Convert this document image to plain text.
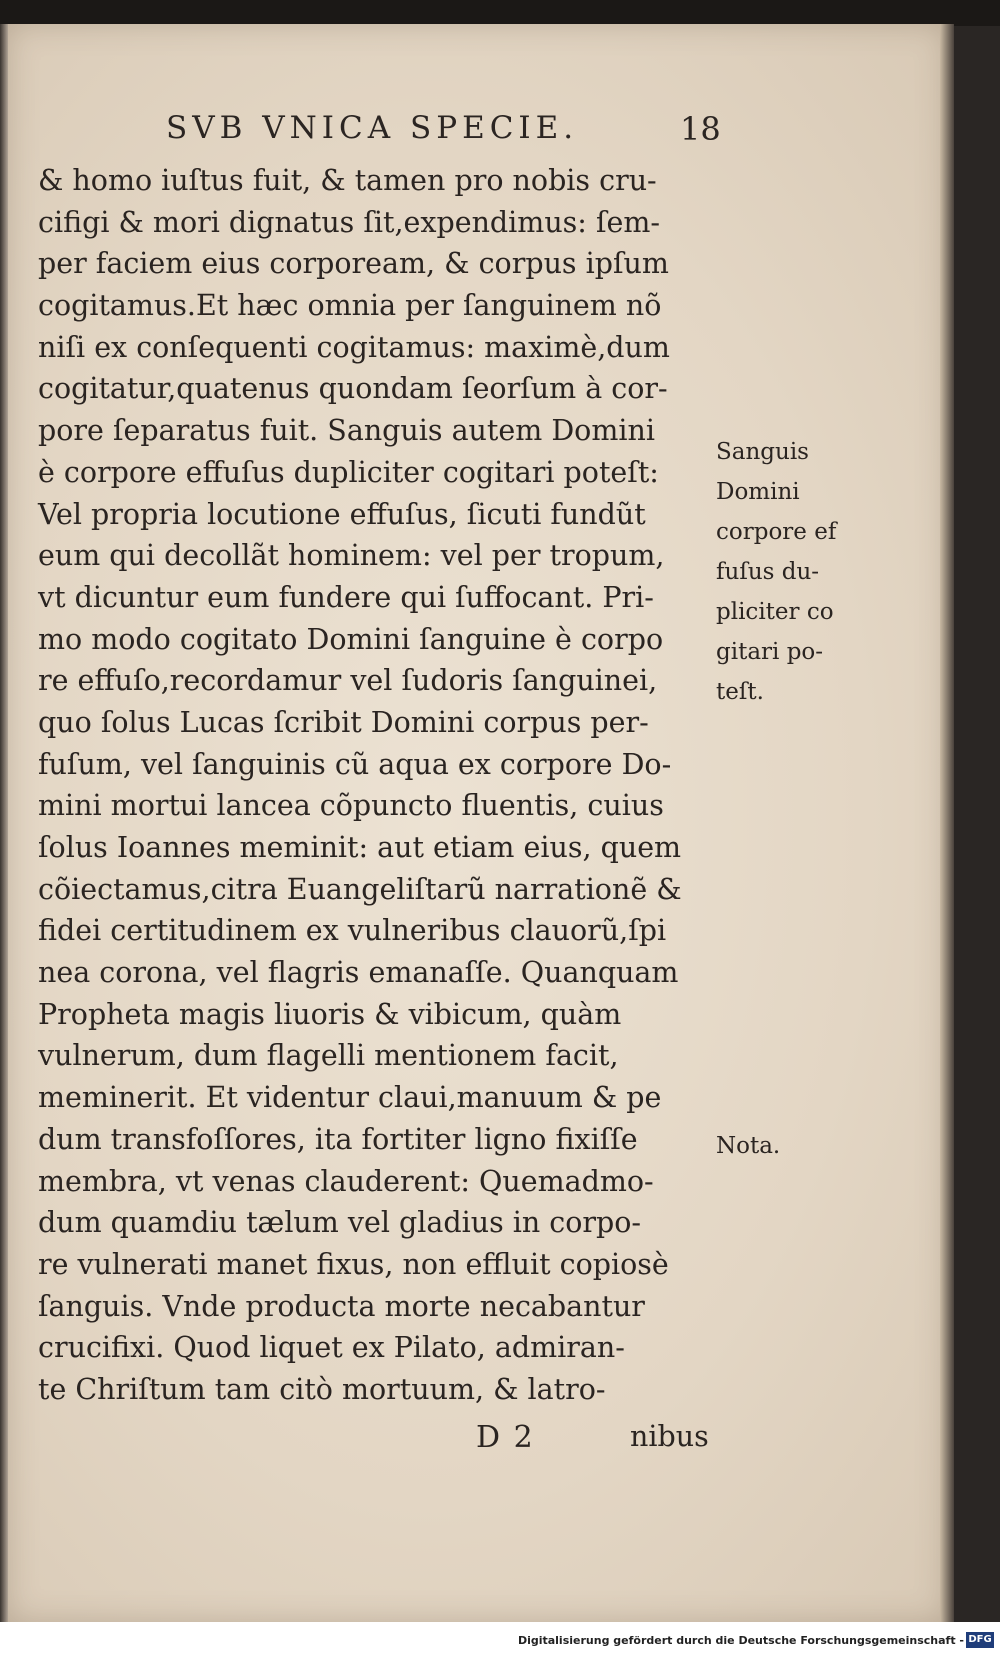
SVB VNICA SPECIE.	18
& homo iuſtus fuit, & tamen pro nobis cru-
cifigi & mori dignatus ſit,expendimus: ſem-
per faciem eius corpoream, & corpus ipſum
cogitamus.Et hæc omnia per ſanguinem nõ
niſi ex conſequenti cogitamus: maximè,dum
cogitatur,quatenus quondam ſeorſum à cor-
pore ſeparatus fuit. Sanguis autem Domini
è corpore effuſus dupliciter cogitari poteſt:
Vel propria locutione effuſus, ſicuti fundũt
eum qui decollãt hominem: vel per tropum,
vt dicuntur eum fundere qui ſuffocant. Pri-
mo modo cogitato Domini ſanguine è corpo
re effuſo,recordamur vel ſudoris ſanguinei,
quo ſolus Lucas ſcribit Domini corpus per-
fuſum, vel ſanguinis cũ aqua ex corpore Do-
mini mortui lancea cõpuncto fluentis, cuius
ſolus Ioannes meminit: aut etiam eius, quem
cõiectamus,citra Euangeliſtarũ narrationẽ &
fidei certitudinem ex vulneribus clauorũ,ſpi
nea corona, vel flagris emanaſſe. Quanquam
Propheta magis liuoris & vibicum, quàm
vulnerum, dum flagelli mentionem facit,
meminerit. Et videntur claui,manuum & pe
dum transfoſſores, ita fortiter ligno fixiſſe
membra, vt venas clauderent: Quemadmo-
dum quamdiu tælum vel gladius in corpo-
re vulnerati manet fixus, non effluit copiosè
ſanguis. Vnde producta morte necabantur
crucifixi. Quod liquet ex Pilato, admiran-
te Chriſtum tam citò mortuum, & latro-
Sanguis
Domini
corpore ef
fuſus du-
pliciter co
gitari po-
teſt.
Nota.
D 2	nibus
Digitalisierung gefördert durch die Deutsche Forschungsgemeinschaft - DFG
